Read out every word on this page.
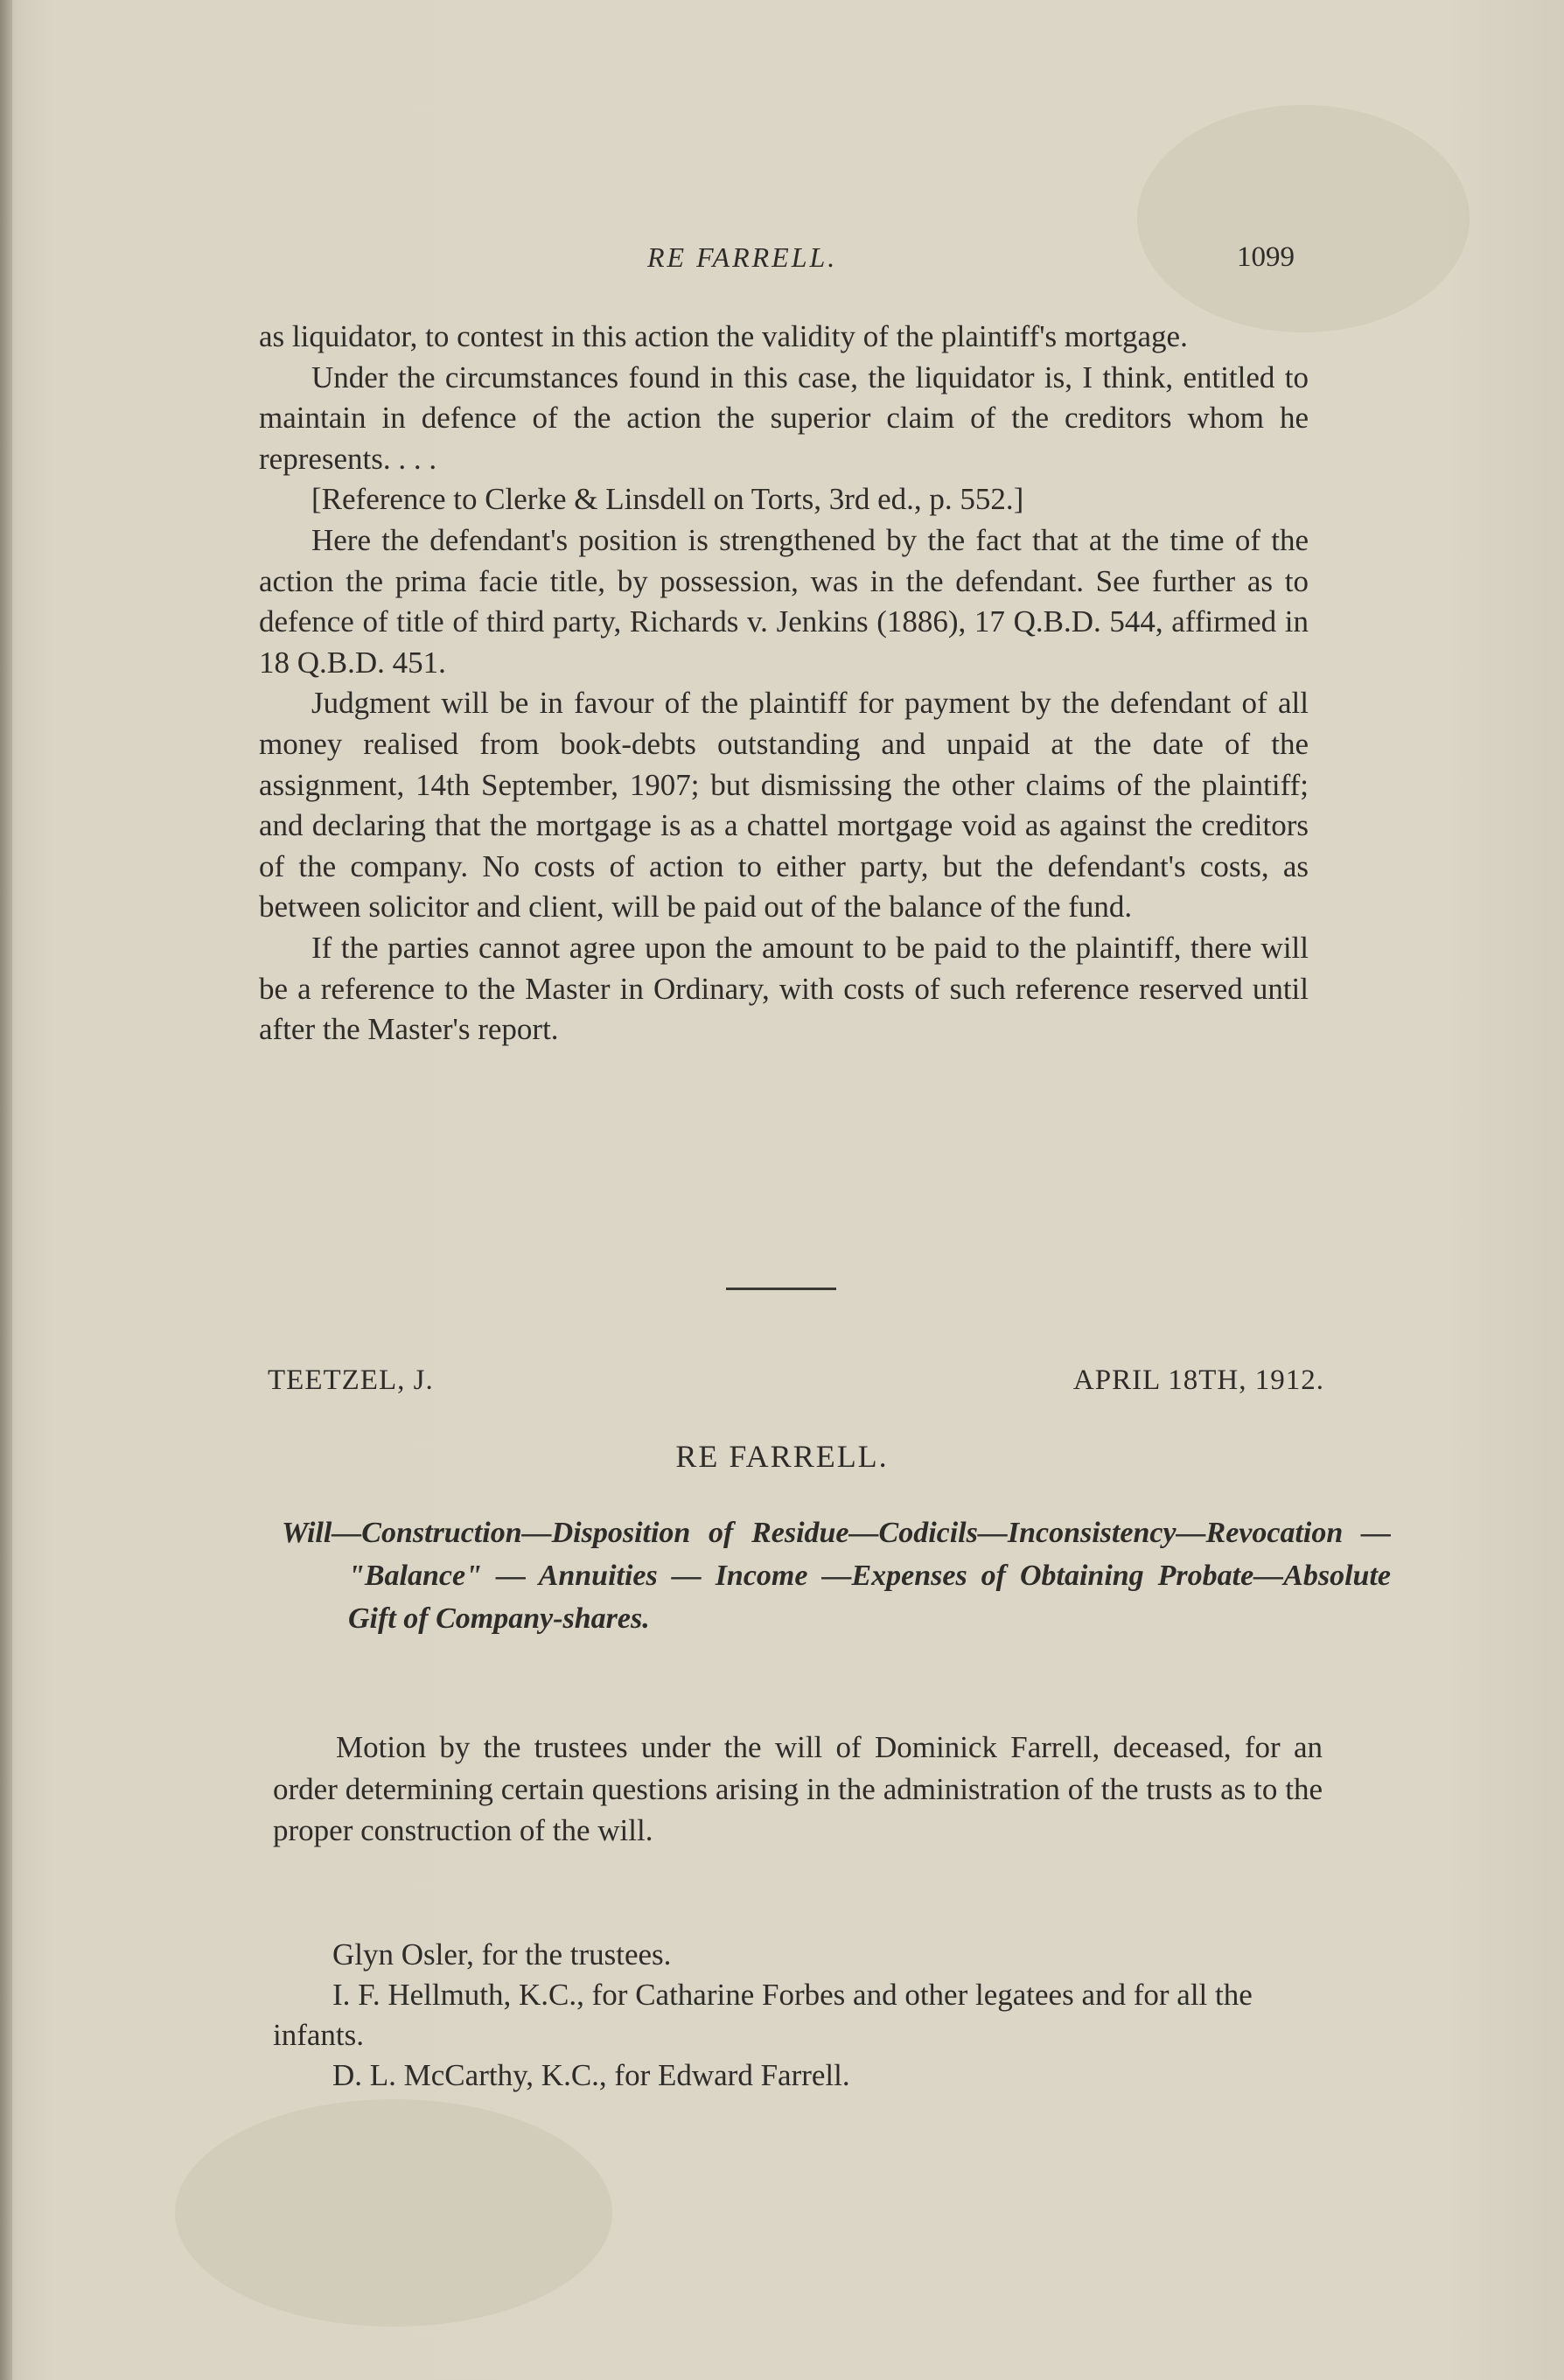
RE FARRELL.	1099

as liquidator, to contest in this action the validity of the plaintiff's mortgage.

Under the circumstances found in this case, the liquidator is, I think, entitled to maintain in defence of the action the superior claim of the creditors whom he represents. . . .

[Reference to Clerke & Linsdell on Torts, 3rd ed., p. 552.]

Here the defendant's position is strengthened by the fact that at the time of the action the prima facie title, by possession, was in the defendant. See further as to defence of title of third party, Richards v. Jenkins (1886), 17 Q.B.D. 544, affirmed in 18 Q.B.D. 451.

Judgment will be in favour of the plaintiff for payment by the defendant of all money realised from book-debts outstanding and unpaid at the date of the assignment, 14th September, 1907; but dismissing the other claims of the plaintiff; and declaring that the mortgage is as a chattel mortgage void as against the creditors of the company. No costs of action to either party, but the defendant's costs, as between solicitor and client, will be paid out of the balance of the fund.

If the parties cannot agree upon the amount to be paid to the plaintiff, there will be a reference to the Master in Ordinary, with costs of such reference reserved until after the Master's report.

TEETZEL, J.	APRIL 18TH, 1912.
RE FARRELL.
Will—Construction—Disposition of Residue—Codicils—Inconsistency—Revocation — "Balance" — Annuities — Income —Expenses of Obtaining Probate—Absolute Gift of Company-shares.
Motion by the trustees under the will of Dominick Farrell, deceased, for an order determining certain questions arising in the administration of the trusts as to the proper construction of the will.

Glyn Osler, for the trustees.

I. F. Hellmuth, K.C., for Catharine Forbes and other legatees and for all the infants.

D. L. McCarthy, K.C., for Edward Farrell.
